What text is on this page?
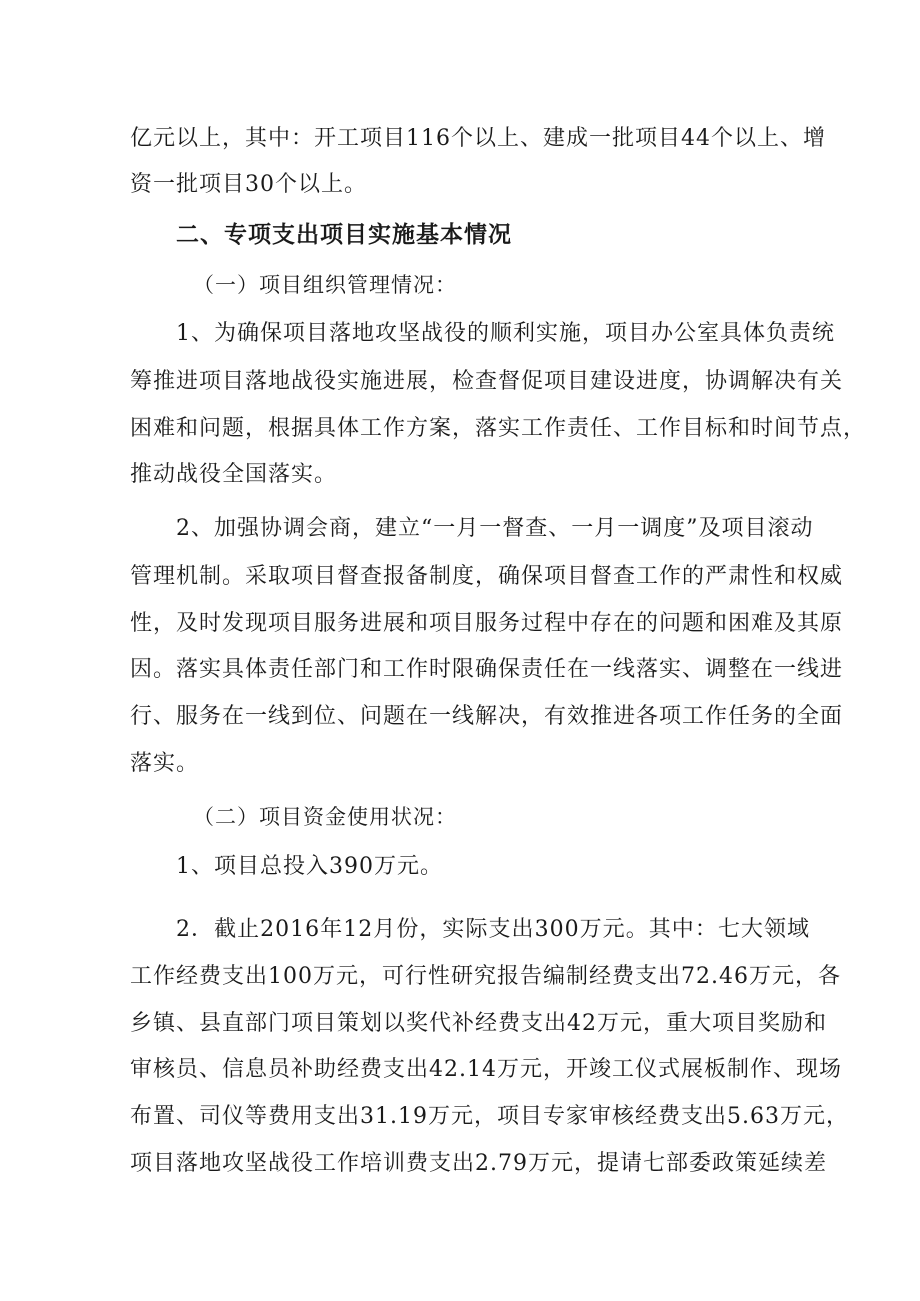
亿元以上，其中：开工项目116个以上、建成一批项目44个以上、增
资一批项目30个以上。
二、专项支出项目实施基本情况
（一）项目组织管理情况：
1、为确保项目落地攻坚战役的顺利实施，项目办公室具体负责统
筹推进项目落地战役实施进展，检查督促项目建设进度，协调解决有关
困难和问题，根据具体工作方案，落实工作责任、工作目标和时间节点，
推动战役全国落实。
2、加强协调会商，建立“一月一督查、一月一调度”及项目滚动
管理机制。采取项目督查报备制度，确保项目督查工作的严肃性和权威
性，及时发现项目服务进展和项目服务过程中存在的问题和困难及其原
因。落实具体责任部门和工作时限确保责任在一线落实、调整在一线进
行、服务在一线到位、问题在一线解决，有效推进各项工作任务的全面
落实。
（二）项目资金使用状况：
1、项目总投入390万元。
2．截止2016年12月份，实际支出300万元。其中：七大领域
工作经费支出100万元，可行性研究报告编制经费支出72.46万元，各
乡镇、县直部门项目策划以奖代补经费支出42万元，重大项目奖励和
审核员、信息员补助经费支出42.14万元，开竣工仪式展板制作、现场
布置、司仪等费用支出31.19万元，项目专家审核经费支出5.63万元，
项目落地攻坚战役工作培训费支出2.79万元，提请七部委政策延续差
